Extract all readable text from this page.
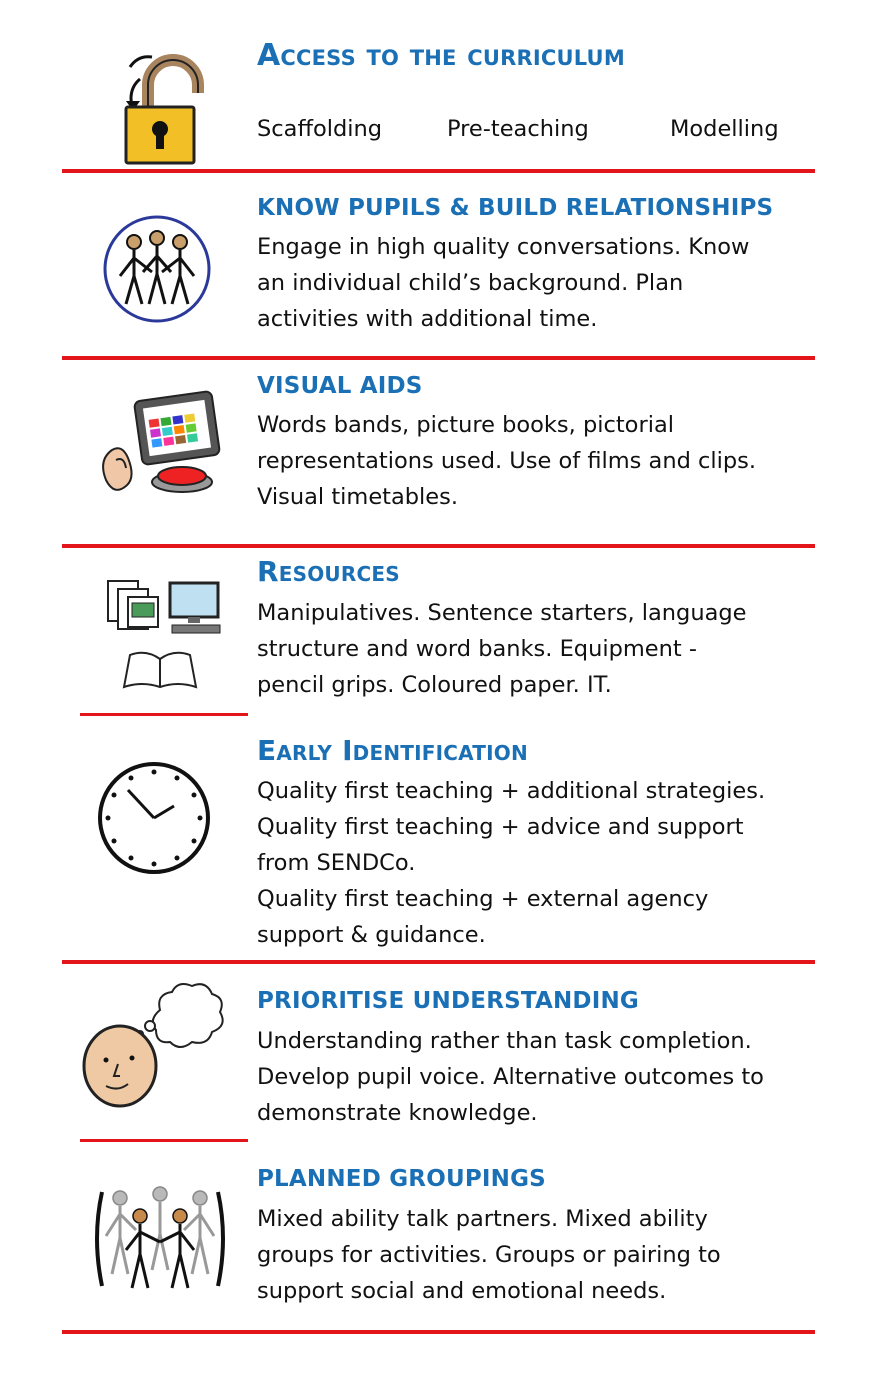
Access to the curriculum
Scaffolding	Pre-teaching	Modelling
KNOW PUPILS & BUILD RELATIONSHIPS
Engage in high quality conversations. Know
an individual child’s background. Plan
activities with additional time.
VISUAL AIDS
Words bands, picture books, pictorial
representations used. Use of films and clips.
Visual timetables.
Resources
Manipulatives. Sentence starters, language
structure and word banks. Equipment -
pencil grips. Coloured paper. IT.
Early Identification
Quality first teaching + additional strategies.
Quality first teaching + advice and support
from SENDCo.
Quality first teaching + external agency
support & guidance.
PRIORITISE UNDERSTANDING
Understanding rather than task completion.
Develop pupil voice. Alternative outcomes to
demonstrate knowledge.
PLANNED GROUPINGS
Mixed ability talk partners. Mixed ability
groups for activities. Groups or pairing to
support social and emotional needs.
